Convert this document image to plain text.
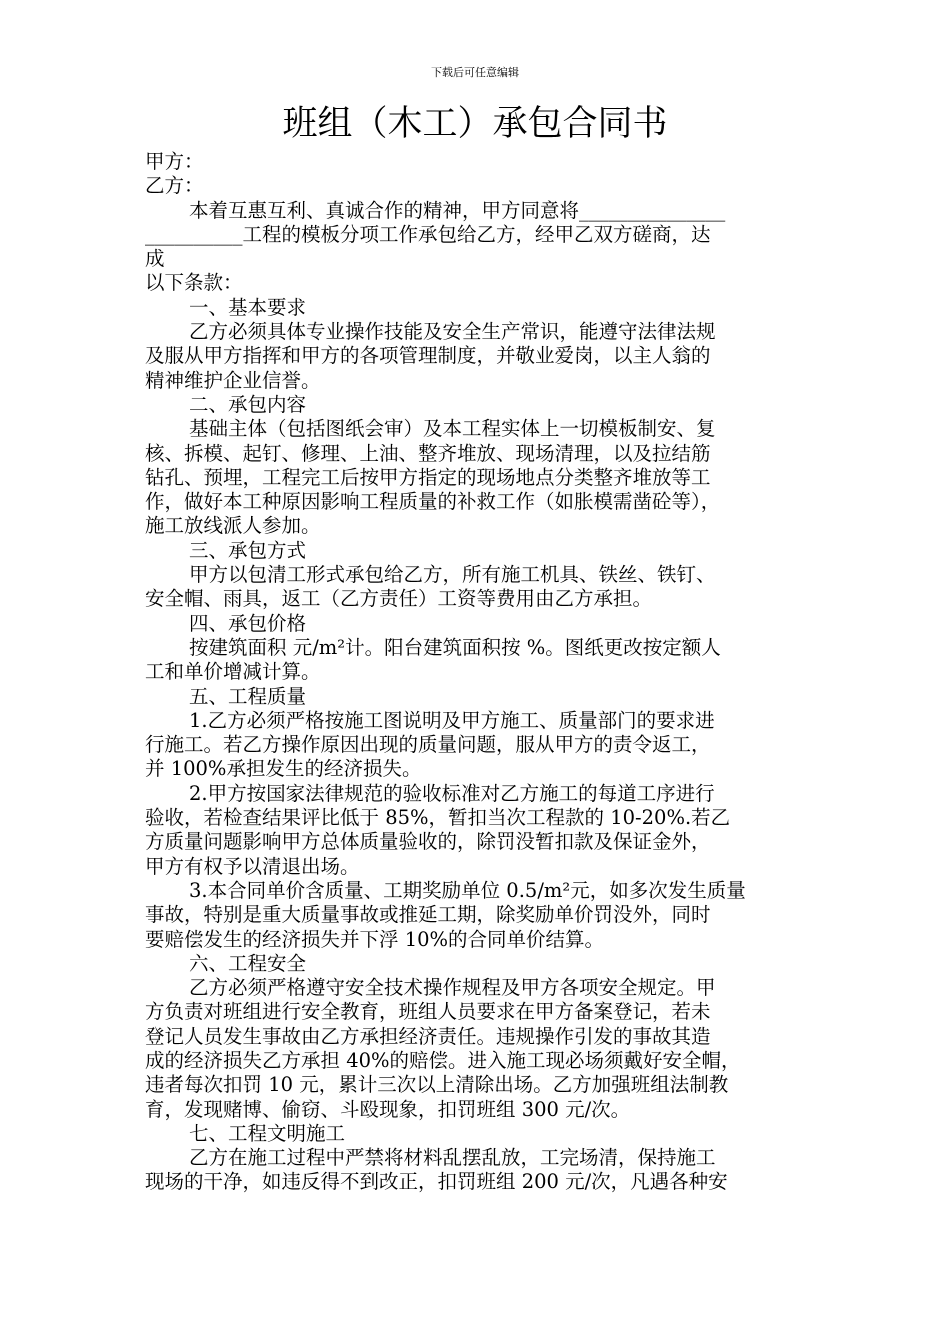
下载后可任意编辑
班组（木工）承包合同书
甲方：
乙方：
本着互惠互利、真诚合作的精神，甲方同意将_______________
__________工程的模板分项工作承包给乙方，经甲乙双方磋商，达
成
以下条款：
一、基本要求
乙方必须具体专业操作技能及安全生产常识，能遵守法律法规
及服从甲方指挥和甲方的各项管理制度，并敬业爱岗，以主人翁的
精神维护企业信誉。
二、承包内容
基础主体（包括图纸会审）及本工程实体上一切模板制安、复
核、拆模、起钉、修理、上油、整齐堆放、现场清理，以及拉结筋
钻孔、预埋，工程完工后按甲方指定的现场地点分类整齐堆放等工
作，做好本工种原因影响工程质量的补救工作（如胀模需凿砼等），
施工放线派人参加。
三、承包方式
甲方以包清工形式承包给乙方，所有施工机具、铁丝、铁钉、
安全帽、雨具，返工（乙方责任）工资等费用由乙方承担。
四、承包价格
按建筑面积 元/m²计。阳台建筑面积按 %。图纸更改按定额人
工和单价增减计算。
五、工程质量
1.乙方必须严格按施工图说明及甲方施工、质量部门的要求进
行施工。若乙方操作原因出现的质量问题，服从甲方的责令返工，
并 100%承担发生的经济损失。
2.甲方按国家法律规范的验收标准对乙方施工的每道工序进行
验收，若检查结果评比低于 85%，暂扣当次工程款的 10-20%.若乙
方质量问题影响甲方总体质量验收的，除罚没暂扣款及保证金外，
甲方有权予以清退出场。
3.本合同单价含质量、工期奖励单位 0.5/m²元，如多次发生质量
事故，特别是重大质量事故或推延工期，除奖励单价罚没外，同时
要赔偿发生的经济损失并下浮 10%的合同单价结算。
六、工程安全
乙方必须严格遵守安全技术操作规程及甲方各项安全规定。甲
方负责对班组进行安全教育，班组人员要求在甲方备案登记，若未
登记人员发生事故由乙方承担经济责任。违规操作引发的事故其造
成的经济损失乙方承担 40%的赔偿。进入施工现必场须戴好安全帽，
违者每次扣罚 10 元，累计三次以上清除出场。乙方加强班组法制教
育，发现赌博、偷窃、斗殴现象，扣罚班组 300 元/次。
七、工程文明施工
乙方在施工过程中严禁将材料乱摆乱放，工完场清，保持施工
现场的干净，如违反得不到改正，扣罚班组 200 元/次，凡遇各种安
